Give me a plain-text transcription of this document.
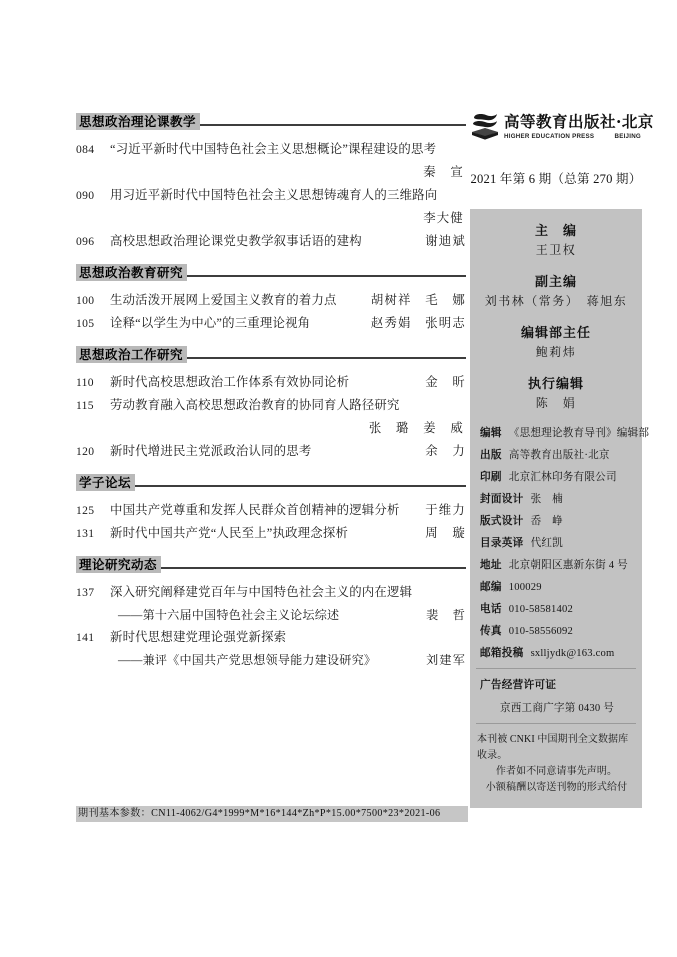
思想政治理论课教学
084	“习近平新时代中国特色社会主义思想概论”课程建设的思考
秦　宣
090	用习近平新时代中国特色社会主义思想铸魂育人的三维路向
李大健
096	高校思想政治理论课党史教学叙事话语的建构	谢迪斌
思想政治教育研究
100	生动活泼开展网上爱国主义教育的着力点	胡树祥　毛　娜
105	诠释“以学生为中心”的三重理论视角	赵秀娟　张明志
思想政治工作研究
110	新时代高校思想政治工作体系有效协同论析	金　昕
115	劳动教育融入高校思想政治教育的协同育人路径研究
张　璐　姜　威
120	新时代增进民主党派政治认同的思考	余　力
学子论坛
125	中国共产党尊重和发挥人民群众首创精神的逻辑分析	于维力
131	新时代中国共产党“人民至上”执政理念探析	周　璇
理论研究动态
137	深入研究阐释建党百年与中国特色社会主义的内在逻辑
——第十六届中国特色社会主义论坛综述	裴　哲
141	新时代思想建党理论强党新探索
——兼评《中国共产党思想领导能力建设研究》	刘建军
期刊基本参数：CN11-4062/G4*1999*M*16*144*Zh*P*15.00*7500*23*2021-06
高等教育出版社·北京
HIGHER EDUCATION PRESS	BEIJING
2021 年第 6 期（总第 270 期）
主　编
王卫权
副主编
刘书林（常务）　蒋旭东
编辑部主任
鲍莉炜
执行编辑
陈　娟
编辑 《思想理论教育导刊》编辑部
出版 高等教育出版社·北京
印刷 北京汇林印务有限公司
封面设计 张　楠
版式设计 岙　峥
目录英译 代红凯
地址 北京朝阳区惠新东街 4 号
邮编 100029
电话 010-58581402
传真 010-58556092
邮箱投稿 sxlljydk@163.com
广告经营许可证
京西工商广字第 0430 号
本刊被 CNKI 中国期刊全文数据库收录。
作者如不同意请事先声明。
小额稿酬以寄送刊物的形式给付
